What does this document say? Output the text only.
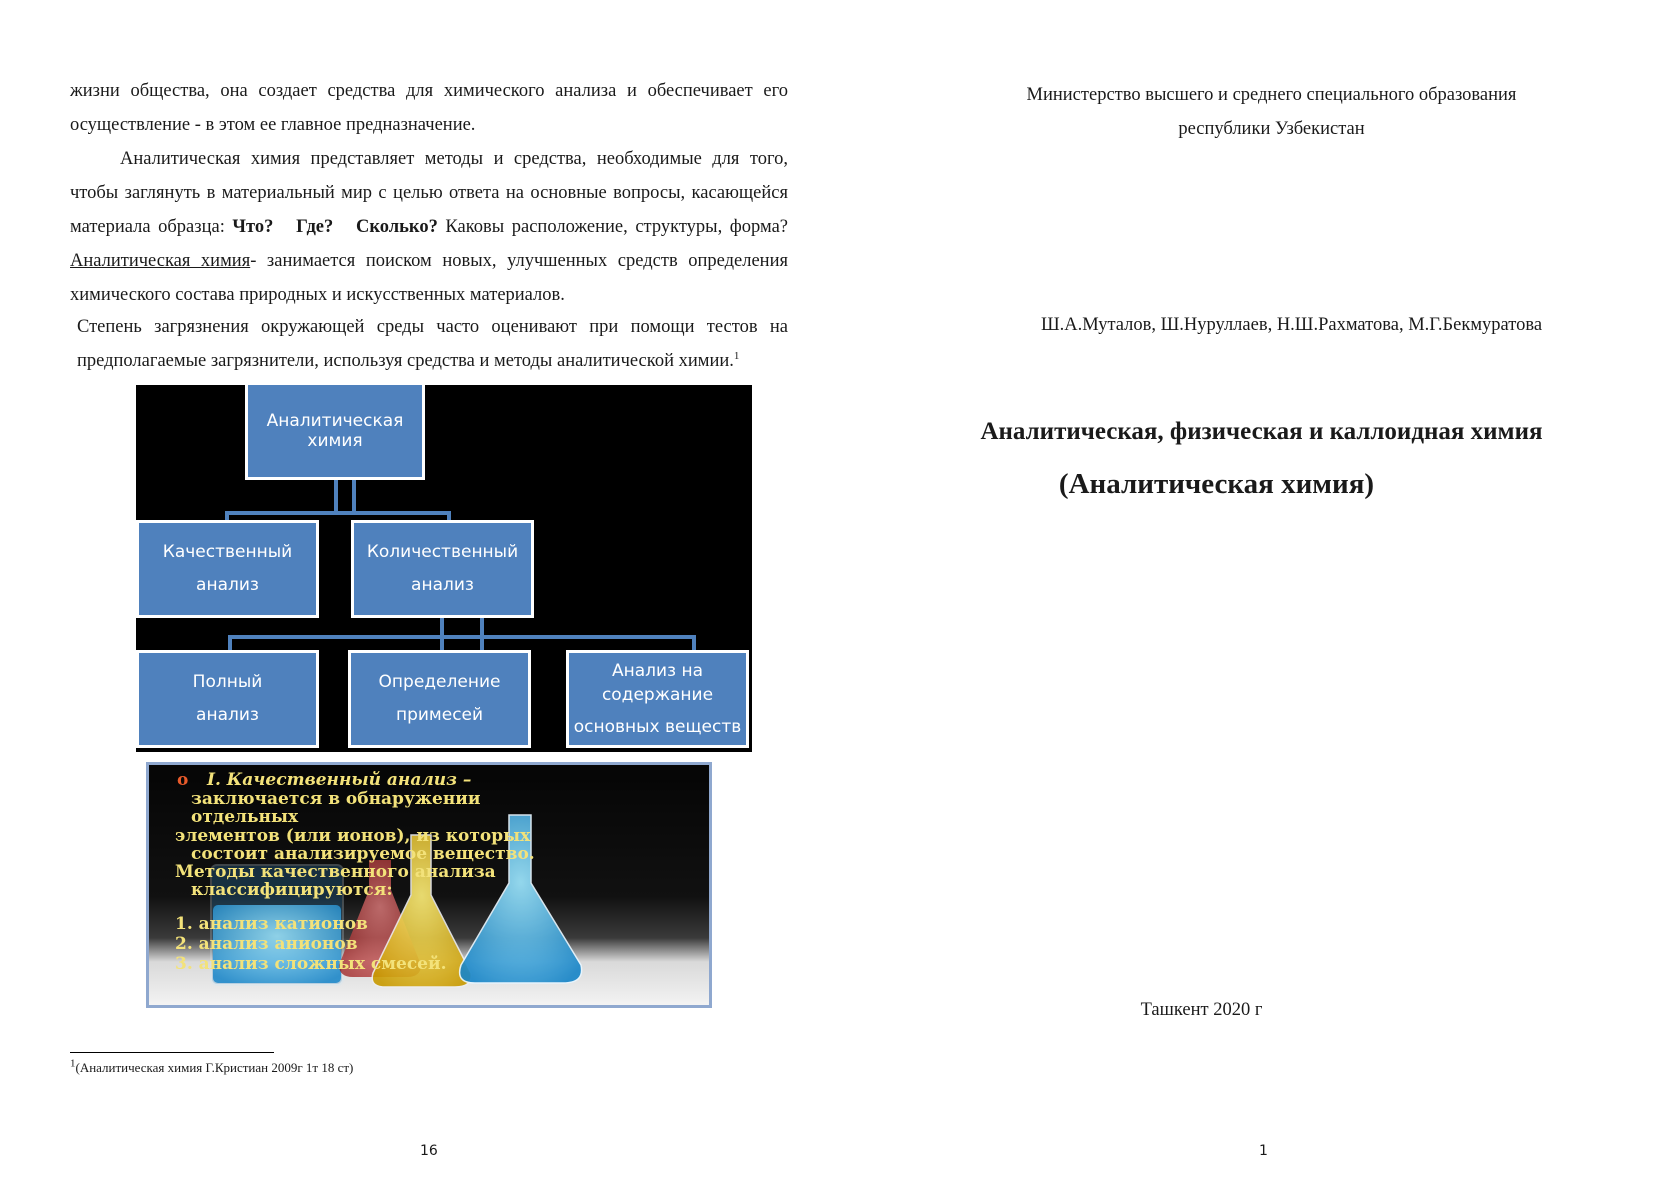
жизни общества, она создает средства для химического анализа и обеспечивает его осуществление - в этом ее главное предназначение.

Аналитическая химия представляет методы и средства, необходимые для того, чтобы заглянуть в материальный мир с целью ответа на основные вопросы, касающейся материала образца: Что? Где? Сколько? Каковы расположение, структуры, форма? Аналитическая химия- занимается поиском новых, улучшенных средств определения химического состава природных и искусственных материалов.

Степень загрязнения окружающей среды часто оценивают при помощи тестов на предполагаемые загрязнители, используя средства и методы аналитической химии.$^1$

Аналитическая
химия
Качественный
анализ
Количественный
анализ
Полный
анализ
Определение
примесей
Анализ на
содержание
основных веществ
o I. Качественный анализ –
заключается в обнаружении
отдельных
элементов (или ионов), из которых
состоит анализируемое вещество.
Методы качественного анализа
классифицируются:
1. анализ катионов
2. анализ анионов
3. анализ сложных смесей.
$^1$(Аналитическая химия Г.Кристиан 2009г 1т 18 ст)
16
Министерство высшего и среднего специального образования
республики Узбекистан
Ш.А.Муталов, Ш.Нуруллаев, Н.Ш.Рахматова, М.Г.Бекмуратова
Аналитическая, физическая и каллоидная химия
(Аналитическая химия)
Ташкент 2020 г
1
